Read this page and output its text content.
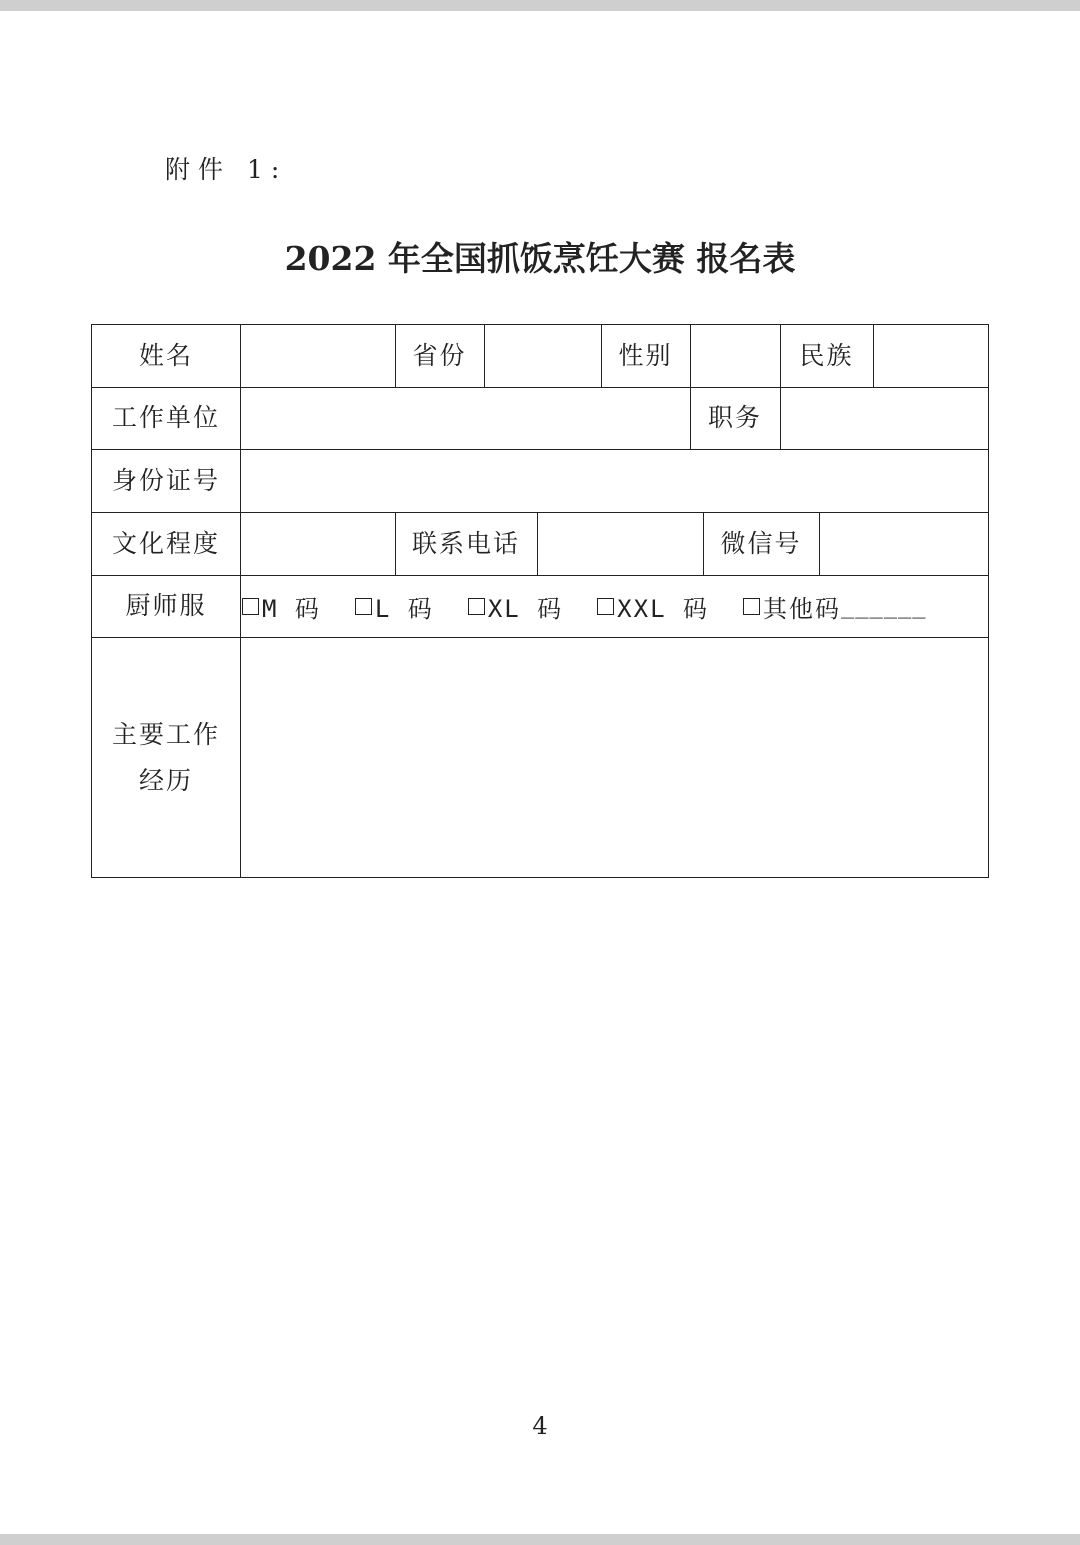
附件 1:
2022 年全国抓饭烹饪大赛 报名表
姓名	省份	性别	民族
工作单位	职务
身份证号
文化程度	联系电话	微信号
厨师服	M 码 L 码 XL 码 XXL 码 其他码 ______
主要工作
经历
4
